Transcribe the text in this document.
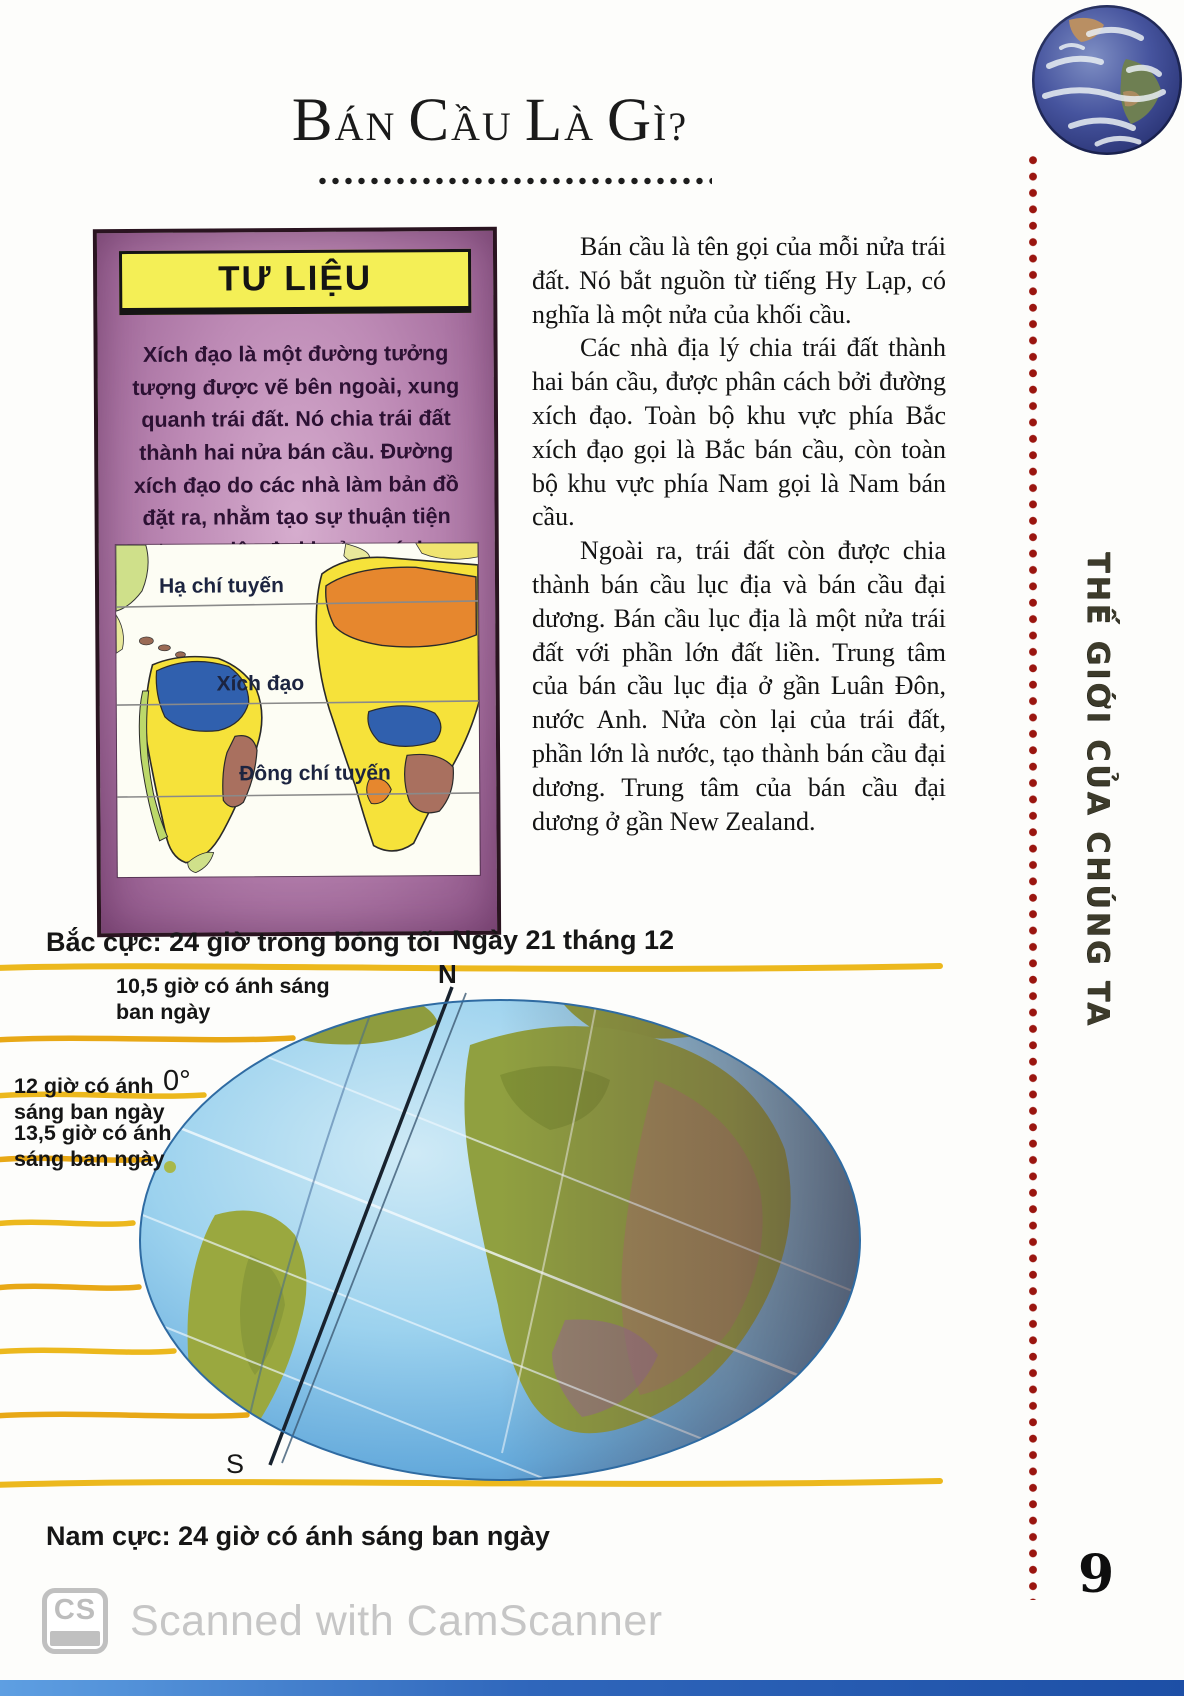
BÁN CẦU LÀ GÌ?
TƯ LIỆU

Xích đạo là một đường tưởng tượng được vẽ bên ngoài, xung quanh trái đất. Nó chia trái đất thành hai nửa bán cầu. Đường xích đạo do các nhà làm bản đồ đặt ra, nhằm tạo sự thuận tiện

Hạ chí tuyến
Xích đạo
Đông chí tuyến

Bán cầu là tên gọi của mỗi nửa trái đất. Nó bắt nguồn từ tiếng Hy Lạp, có nghĩa là một nửa của khối cầu.

Các nhà địa lý chia trái đất thành hai bán cầu, được phân cách bởi đường xích đạo. Toàn bộ khu vực phía Bắc xích đạo gọi là Bắc bán cầu, còn toàn bộ khu vực phía Nam gọi là Nam bán cầu.

Ngoài ra, trái đất còn được chia thành bán cầu lục địa và bán cầu đại dương. Bán cầu lục địa là một nửa trái đất với phần lớn đất liền. Trung tâm của bán cầu lục địa ở gần Luân Đôn, nước Anh. Nửa còn lại của trái đất, phần lớn là nước, tạo thành bán cầu đại dương. Trung tâm của bán cầu đại dương ở gần New Zealand.	THẾ GIỚI CỦA CHÚNG TA
Bắc cực: 24 giờ trong bóng tối Ngày 21 tháng 12
N
0°
S
10,5 giờ có ánh sáng
ban ngày
12 giờ có ánh
sáng ban ngày
13,5 giờ có ánh
sáng ban ngày
Nam cực: 24 giờ có ánh sáng ban ngày
9
CS Scanned with CamScanner
